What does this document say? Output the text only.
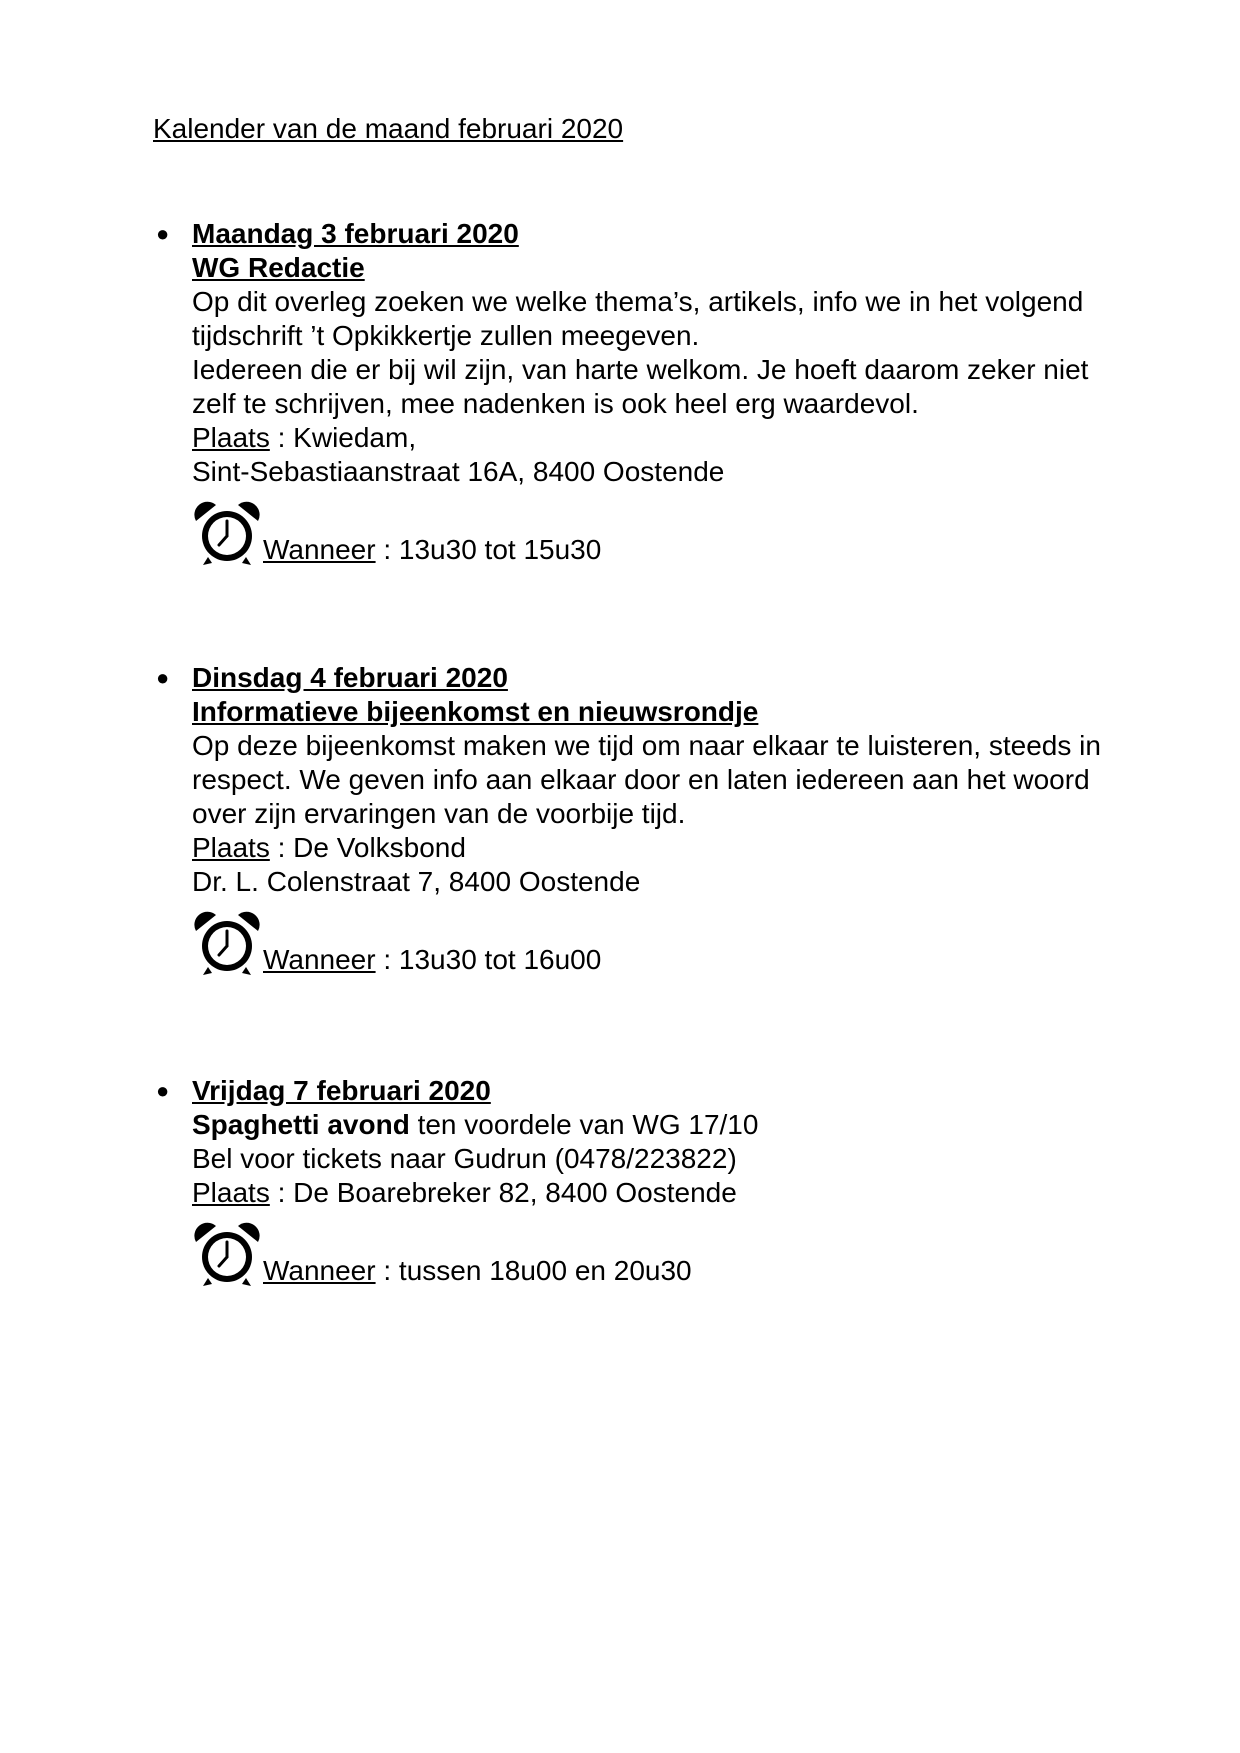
Kalender van de maand februari 2020
● Maandag 3 februari 2020
WG Redactie
Op dit overleg zoeken we welke thema’s, artikels, info we in het volgend
tijdschrift ’t Opkikkertje zullen meegeven.
Iedereen die er bij wil zijn, van harte welkom. Je hoeft daarom zeker niet
zelf te schrijven, mee nadenken is ook heel erg waardevol.
Plaats : Kwiedam,
Sint-Sebastiaanstraat 16A, 8400 Oostende
Wanneer : 13u30 tot 15u30
● Dinsdag 4 februari 2020
Informatieve bijeenkomst en nieuwsrondje
Op deze bijeenkomst maken we tijd om naar elkaar te luisteren, steeds in
respect. We geven info aan elkaar door en laten iedereen aan het woord
over zijn ervaringen van de voorbije tijd.
Plaats : De Volksbond
Dr. L. Colenstraat 7, 8400 Oostende
Wanneer : 13u30 tot 16u00
● Vrijdag 7 februari 2020
Spaghetti avond ten voordele van WG 17/10
Bel voor tickets naar Gudrun (0478/223822)
Plaats : De Boarebreker 82, 8400 Oostende
Wanneer : tussen 18u00 en 20u30
